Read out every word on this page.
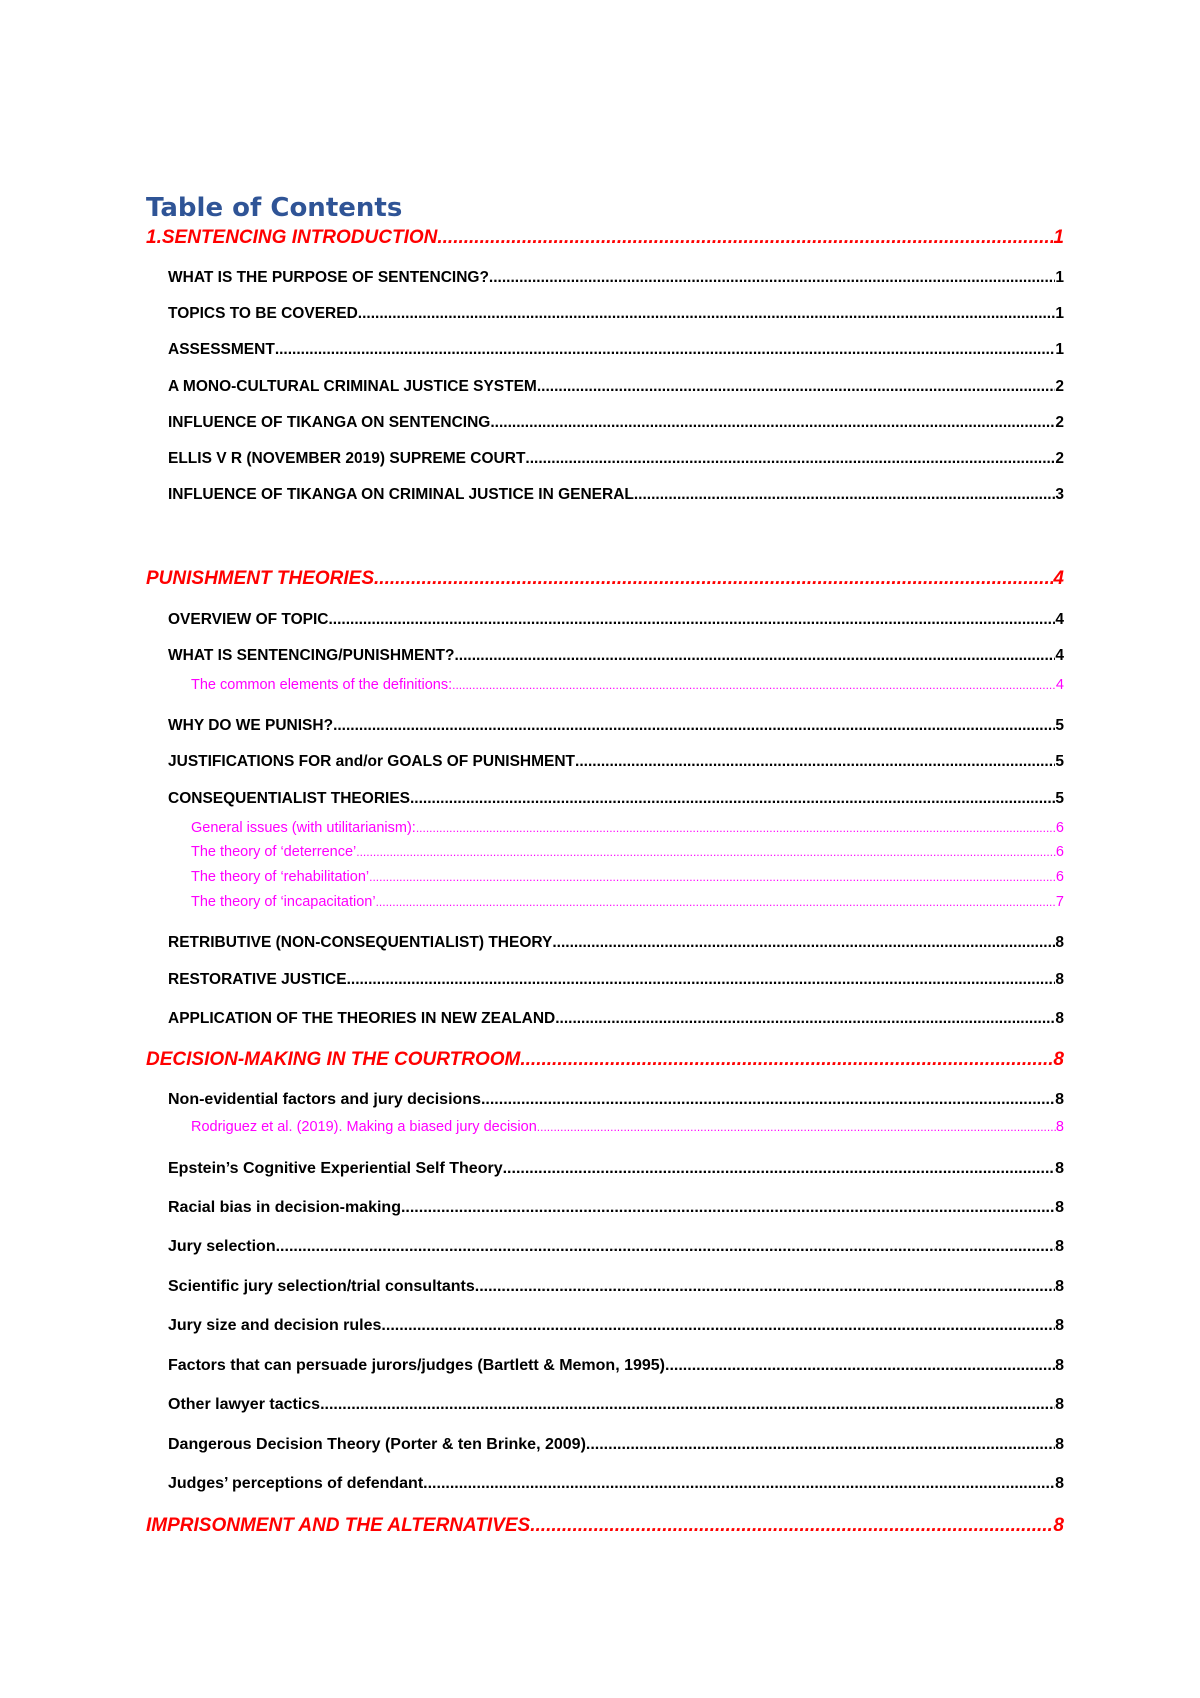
Table of Contents
1.SENTENCING INTRODUCTION .....	1
WHAT IS THE PURPOSE OF SENTENCING? .....	1
TOPICS TO BE COVERED .....	1
ASSESSMENT .....	1
A MONO-CULTURAL CRIMINAL JUSTICE SYSTEM .....	2
INFLUENCE OF TIKANGA ON SENTENCING .....	2
ELLIS V R (NOVEMBER 2019) SUPREME COURT .....	2
INFLUENCE OF TIKANGA ON CRIMINAL JUSTICE IN GENERAL .....	3
PUNISHMENT THEORIES .....	4
OVERVIEW OF TOPIC .....	4
WHAT IS SENTENCING/PUNISHMENT? .....	4
The common elements of the definitions: .....	4
WHY DO WE PUNISH? .....	5
JUSTIFICATIONS FOR and/or GOALS OF PUNISHMENT .....	5
CONSEQUENTIALIST THEORIES .....	5
General issues (with utilitarianism): .....	6
The theory of ‘deterrence’ .....	6
The theory of ‘rehabilitation’ .....	6
The theory of ‘incapacitation’ .....	7
RETRIBUTIVE (NON-CONSEQUENTIALIST) THEORY .....	8
RESTORATIVE JUSTICE .....	8
APPLICATION OF THE THEORIES IN NEW ZEALAND .....	8
DECISION-MAKING IN THE COURTROOM .....	8
Non-evidential factors and jury decisions .....	8
Rodriguez et al. (2019). Making a biased jury decision .....	8
Epstein’s Cognitive Experiential Self Theory .....	8
Racial bias in decision-making .....	8
Jury selection .....	8
Scientific jury selection/trial consultants .....	8
Jury size and decision rules .....	8
Factors that can persuade jurors/judges (Bartlett & Memon, 1995) .....	8
Other lawyer tactics .....	8
Dangerous Decision Theory (Porter & ten Brinke, 2009) .....	8
Judges’ perceptions of defendant .....	8
IMPRISONMENT AND THE ALTERNATIVES .....	8
